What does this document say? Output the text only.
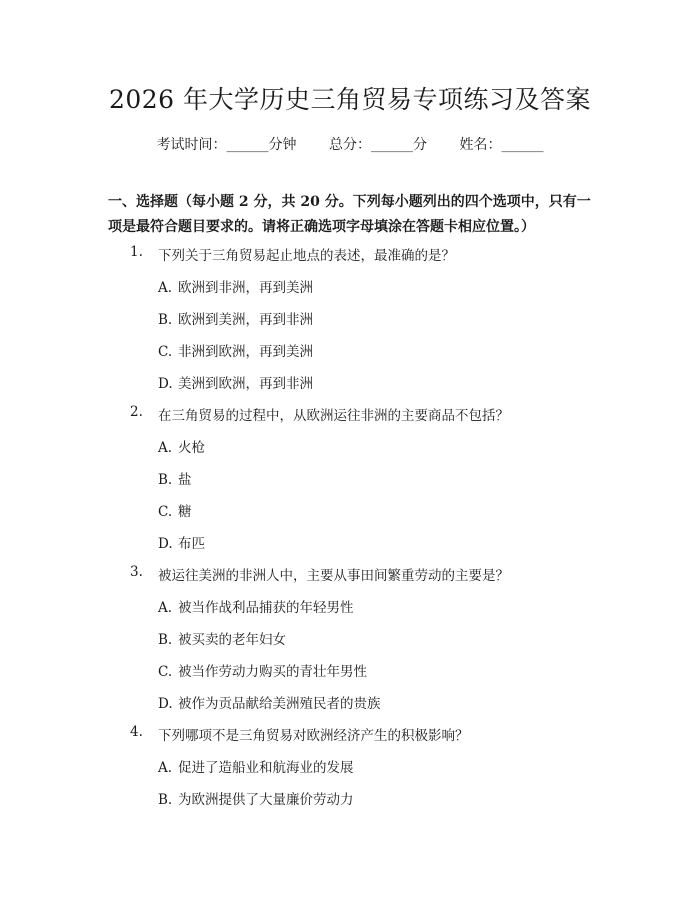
2026 年大学历史三角贸易专项练习及答案
考试时间：______分钟 总分：______分 姓名：______
一、选择题（每小题 2 分，共 20 分。下列每小题列出的四个选项中，只有一项是最符合题目要求的。请将正确选项字母填涂在答题卡相应位置。）
1. 下列关于三角贸易起止地点的表述，最准确的是？
A. 欧洲到非洲，再到美洲
B. 欧洲到美洲，再到非洲
C. 非洲到欧洲，再到美洲
D. 美洲到欧洲，再到非洲
2. 在三角贸易的过程中，从欧洲运往非洲的主要商品不包括？
A. 火枪
B. 盐
C. 糖
D. 布匹
3. 被运往美洲的非洲人中，主要从事田间繁重劳动的主要是？
A. 被当作战利品捕获的年轻男性
B. 被买卖的老年妇女
C. 被当作劳动力购买的青壮年男性
D. 被作为贡品献给美洲殖民者的贵族
4. 下列哪项不是三角贸易对欧洲经济产生的积极影响？
A. 促进了造船业和航海业的发展
B. 为欧洲提供了大量廉价劳动力
